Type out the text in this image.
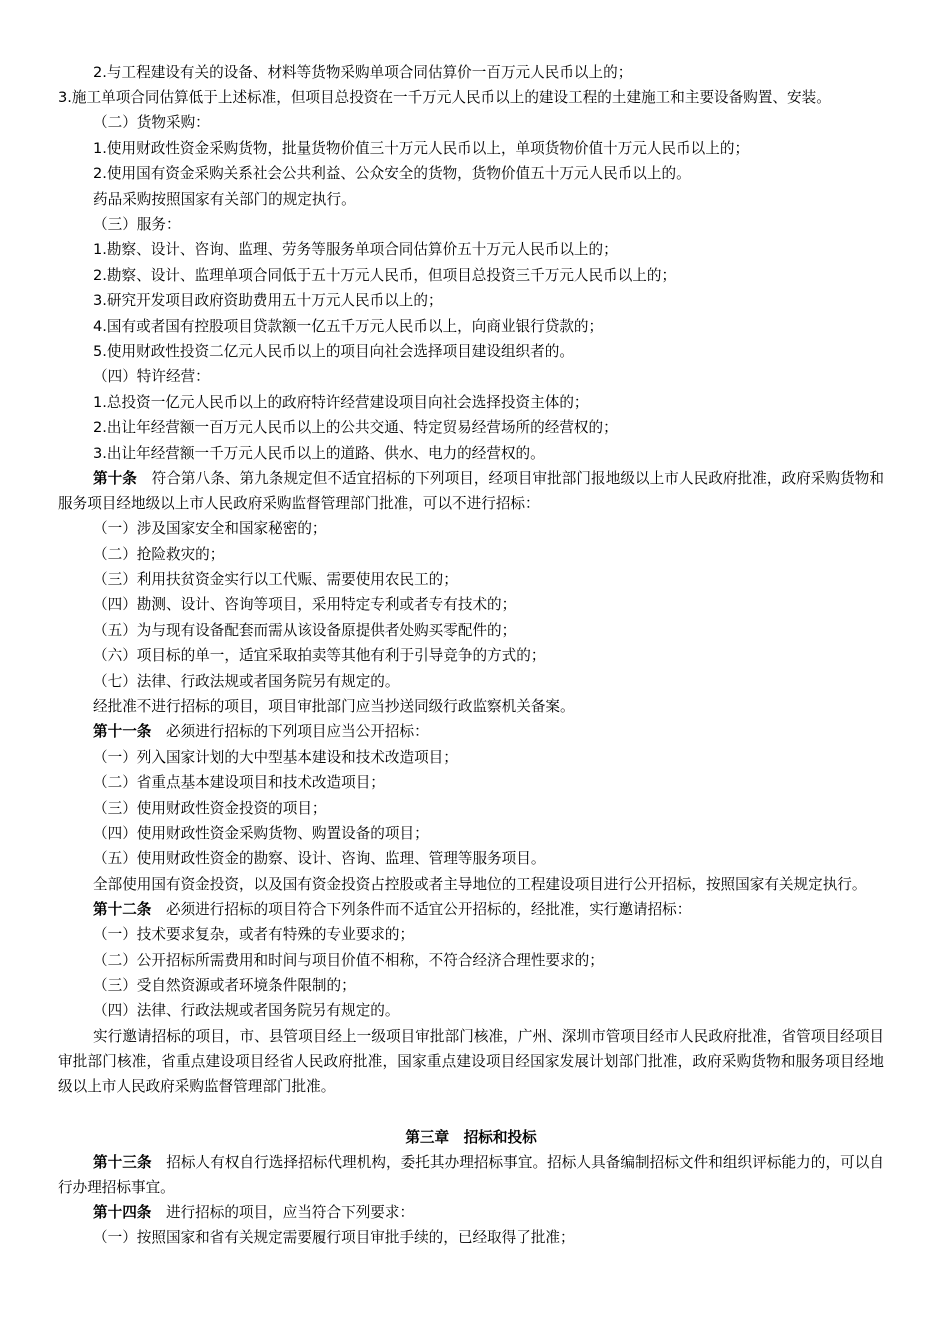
2.与工程建设有关的设备、材料等货物采购单项合同估算价一百万元人民币以上的；

3.施工单项合同估算低于上述标准，但项目总投资在一千万元人民币以上的建设工程的土建施工和主要设备购置、安装。

（二）货物采购：

1.使用财政性资金采购货物，批量货物价值三十万元人民币以上，单项货物价值十万元人民币以上的；

2.使用国有资金采购关系社会公共利益、公众安全的货物，货物价值五十万元人民币以上的。

药品采购按照国家有关部门的规定执行。

（三）服务：

1.勘察、设计、咨询、监理、劳务等服务单项合同估算价五十万元人民币以上的；

2.勘察、设计、监理单项合同低于五十万元人民币，但项目总投资三千万元人民币以上的；

3.研究开发项目政府资助费用五十万元人民币以上的；

4.国有或者国有控股项目贷款额一亿五千万元人民币以上，向商业银行贷款的；

5.使用财政性投资二亿元人民币以上的项目向社会选择项目建设组织者的。

（四）特许经营：

1.总投资一亿元人民币以上的政府特许经营建设项目向社会选择投资主体的；

2.出让年经营额一百万元人民币以上的公共交通、特定贸易经营场所的经营权的；

3.出让年经营额一千万元人民币以上的道路、供水、电力的经营权的。

第十条　符合第八条、第九条规定但不适宜招标的下列项目，经项目审批部门报地级以上市人民政府批准，政府采购货物和服务项目经地级以上市人民政府采购监督管理部门批准，可以不进行招标：

（一）涉及国家安全和国家秘密的；

（二）抢险救灾的；

（三）利用扶贫资金实行以工代赈、需要使用农民工的；

（四）勘测、设计、咨询等项目，采用特定专利或者专有技术的；

（五）为与现有设备配套而需从该设备原提供者处购买零配件的；

（六）项目标的单一，适宜采取拍卖等其他有利于引导竞争的方式的；

（七）法律、行政法规或者国务院另有规定的。

经批准不进行招标的项目，项目审批部门应当抄送同级行政监察机关备案。

第十一条　必须进行招标的下列项目应当公开招标：

（一）列入国家计划的大中型基本建设和技术改造项目；

（二）省重点基本建设项目和技术改造项目；

（三）使用财政性资金投资的项目；

（四）使用财政性资金采购货物、购置设备的项目；

（五）使用财政性资金的勘察、设计、咨询、监理、管理等服务项目。

全部使用国有资金投资，以及国有资金投资占控股或者主导地位的工程建设项目进行公开招标，按照国家有关规定执行。

第十二条　必须进行招标的项目符合下列条件而不适宜公开招标的，经批准，实行邀请招标：

（一）技术要求复杂，或者有特殊的专业要求的；

（二）公开招标所需费用和时间与项目价值不相称，不符合经济合理性要求的；

（三）受自然资源或者环境条件限制的；

（四）法律、行政法规或者国务院另有规定的。

实行邀请招标的项目，市、县管项目经上一级项目审批部门核准，广州、深圳市管项目经市人民政府批准，省管项目经项目审批部门核准，省重点建设项目经省人民政府批准，国家重点建设项目经国家发展计划部门批准，政府采购货物和服务项目经地级以上市人民政府采购监督管理部门批准。

第三章　招标和投标

第十三条　招标人有权自行选择招标代理机构，委托其办理招标事宜。招标人具备编制招标文件和组织评标能力的，可以自行办理招标事宜。

第十四条　进行招标的项目，应当符合下列要求：

（一）按照国家和省有关规定需要履行项目审批手续的，已经取得了批准；
